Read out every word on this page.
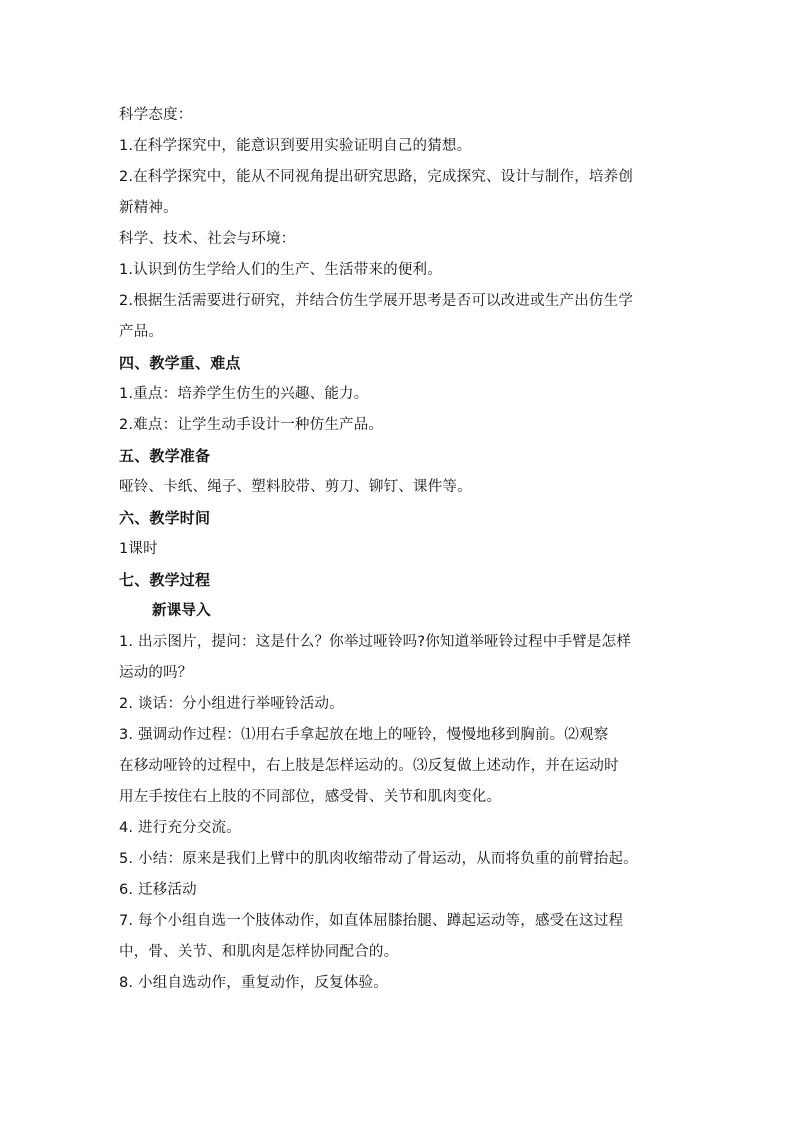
科学态度：
1.在科学探究中，能意识到要用实验证明自己的猜想。
2.在科学探究中，能从不同视角提出研究思路，完成探究、设计与制作，培养创
新精神。
科学、技术、社会与环境：
1.认识到仿生学给人们的生产、生活带来的便利。
2.根据生活需要进行研究，并结合仿生学展开思考是否可以改进或生产出仿生学
产品。
四、教学重、难点
1.重点：培养学生仿生的兴趣、能力。
2.难点：让学生动手设计一种仿生产品。
五、教学准备
哑铃、卡纸、绳子、塑料胶带、剪刀、铆钉、课件等。
六、教学时间
1课时
七、教学过程
新课导入
1. 出示图片，提问：这是什么？你举过哑铃吗?你知道举哑铃过程中手臂是怎样
运动的吗？
2. 谈话：分小组进行举哑铃活动。
3. 强调动作过程：⑴用右手拿起放在地上的哑铃，慢慢地移到胸前。⑵观察
在移动哑铃的过程中，右上肢是怎样运动的。⑶反复做上述动作，并在运动时
用左手按住右上肢的不同部位，感受骨、关节和肌肉变化。
4. 进行充分交流。
5. 小结：原来是我们上臂中的肌肉收缩带动了骨运动，从而将负重的前臂抬起。
6. 迁移活动
7. 每个小组自选一个肢体动作，如直体屈膝抬腿、蹲起运动等，感受在这过程
中，骨、关节、和肌肉是怎样协同配合的。
8. 小组自选动作，重复动作，反复体验。
